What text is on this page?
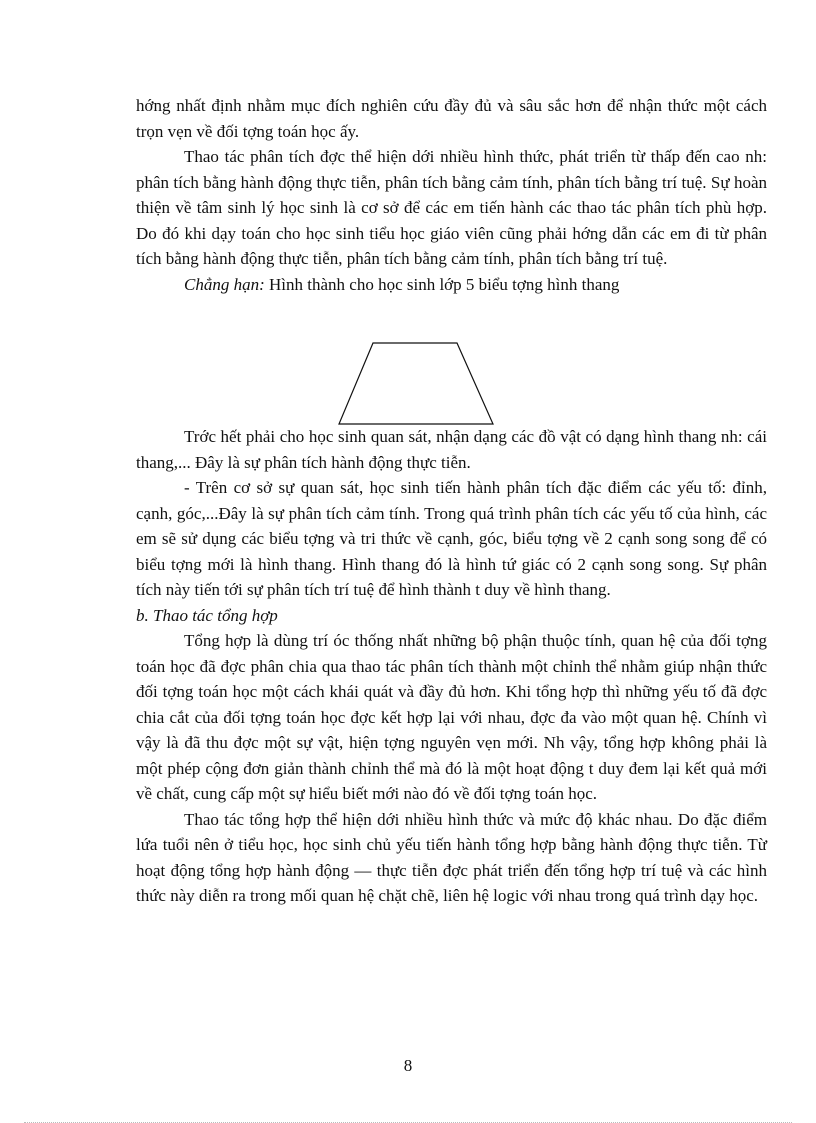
hớng nhất định nhằm mục đích nghiên cứu đầy đủ và sâu sắc hơn để nhận thức một cách trọn vẹn về đối tợng toán học ấy.

Thao tác phân tích đợc thể hiện dới nhiều hình thức, phát triển từ thấp đến cao nh: phân tích bằng hành động thực tiễn, phân tích bằng cảm tính, phân tích bằng trí tuệ. Sự hoàn thiện về tâm sinh lý học sinh là cơ sở để các em tiến hành các thao tác phân tích phù hợp. Do đó khi dạy toán cho học sinh tiểu học giáo viên cũng phải hớng dẫn các em đi từ phân tích bằng hành động thực tiễn, phân tích bằng cảm tính, phân tích bằng trí tuệ.

Chẳng hạn: Hình thành cho học sinh lớp 5 biểu tợng hình thang

Trớc hết phải cho học sinh quan sát, nhận dạng các đồ vật có dạng hình thang nh: cái thang,... Đây là sự phân tích hành động thực tiễn.

- Trên cơ sở sự quan sát, học sinh tiến hành phân tích đặc điểm các yếu tố: đỉnh, cạnh, góc,...Đây là sự phân tích cảm tính. Trong quá trình phân tích các yếu tố của hình, các em sẽ sử dụng các biểu tợng và tri thức về cạnh, góc, biểu tợng về 2 cạnh song song để có biểu tợng mới là hình thang. Hình thang đó là hình tứ giác có 2 cạnh song song. Sự phân tích này tiến tới sự phân tích trí tuệ để hình thành t duy về hình thang.

b. Thao tác tổng hợp

Tổng hợp là dùng trí óc thống nhất những bộ phận thuộc tính, quan hệ của đối tợng toán học đã đợc phân chia qua thao tác phân tích thành một chỉnh thể nhằm giúp nhận thức đối tợng toán học một cách khái quát và đầy đủ hơn. Khi tổng hợp thì những yếu tố đã đợc chia cắt của đối tợng toán học đợc kết hợp lại với nhau, đợc đa vào một quan hệ. Chính vì vậy là đã thu đợc một sự vật, hiện tợng nguyên vẹn mới. Nh vậy, tổng hợp không phải là một phép cộng đơn giản thành chỉnh thể mà đó là một hoạt động t duy đem lại kết quả mới về chất, cung cấp một sự hiểu biết mới nào đó về đối tợng toán học.

Thao tác tổng hợp thể hiện dới nhiều hình thức và mức độ khác nhau. Do đặc điểm lứa tuổi nên ở tiểu học, học sinh chủ yếu tiến hành tổng hợp bằng hành động thực tiễn. Từ hoạt động tổng hợp hành động — thực tiễn đợc phát triển đến tổng hợp trí tuệ và các hình thức này diễn ra trong mối quan hệ chặt chẽ, liên hệ logic với nhau trong quá trình dạy học.

8
